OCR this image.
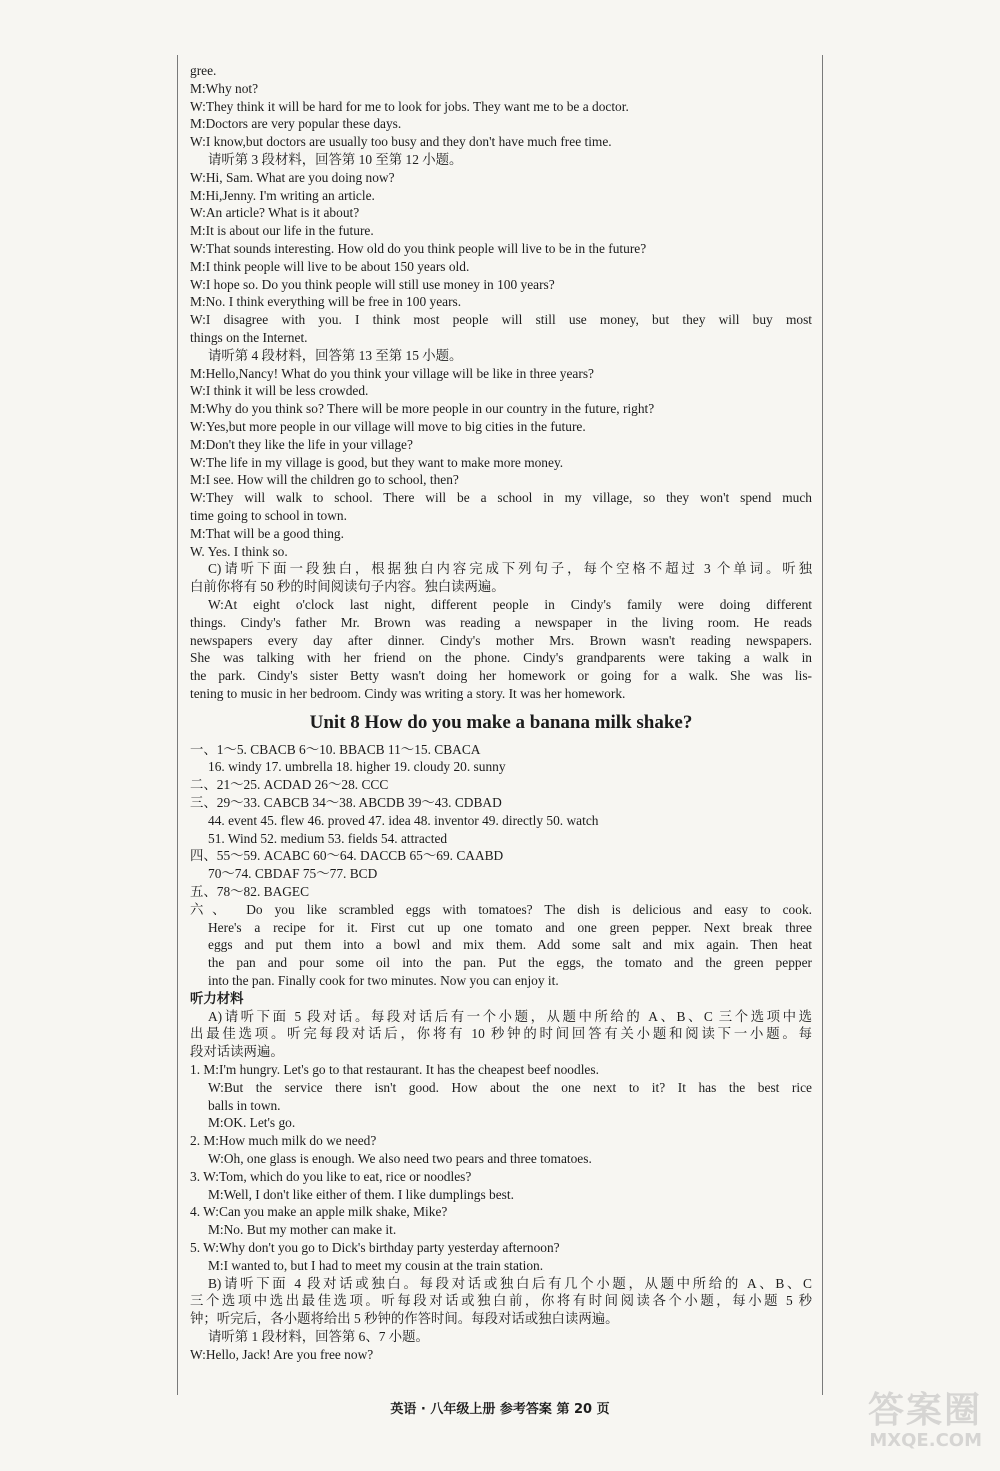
gree.
M:Why not?
W:They think it will be hard for me to look for jobs. They want me to be a doctor.
M:Doctors are very popular these days.
W:I know,but doctors are usually too busy and they don't have much free time.
请听第 3 段材料，回答第 10 至第 12 小题。
W:Hi, Sam. What are you doing now?
M:Hi,Jenny. I'm writing an article.
W:An article? What is it about?
M:It is about our life in the future.
W:That sounds interesting. How old do you think people will live to be in the future?
M:I think people will live to be about 150 years old.
W:I hope so. Do you think people will still use money in 100 years?
M:No. I think everything will be free in 100 years.
W:I disagree with you. I think most people will still use money, but they will buy most
things on the Internet.
请听第 4 段材料，回答第 13 至第 15 小题。
M:Hello,Nancy! What do you think your village will be like in three years?
W:I think it will be less crowded.
M:Why do you think so? There will be more people in our country in the future, right?
W:Yes,but more people in our village will move to big cities in the future.
M:Don't they like the life in your village?
W:The life in my village is good, but they want to make more money.
M:I see. How will the children go to school, then?
W:They will walk to school. There will be a school in my village, so they won't spend much
time going to school in town.
M:That will be a good thing.
W. Yes. I think so.
C)请听下面一段独白，根据独白内容完成下列句子，每个空格不超过 3 个单词。听独
白前你将有 50 秒的时间阅读句子内容。独白读两遍。
W:At eight o'clock last night, different people in Cindy's family were doing different
things. Cindy's father Mr. Brown was reading a newspaper in the living room. He reads
newspapers every day after dinner. Cindy's mother Mrs. Brown wasn't reading newspapers.
She was talking with her friend on the phone. Cindy's grandparents were taking a walk in
the park. Cindy's sister Betty wasn't doing her homework or going for a walk. She was lis-
tening to music in her bedroom. Cindy was writing a story. It was her homework.
Unit 8 How do you make a banana milk shake?
一、1～5. CBACB 6～10. BBACB 11～15. CBACA
16. windy 17. umbrella 18. higher 19. cloudy 20. sunny
二、21～25. ACDAD 26～28. CCC
三、29～33. CABCB 34～38. ABCDB 39～43. CDBAD
44. event 45. flew 46. proved 47. idea 48. inventor 49. directly 50. watch
51. Wind 52. medium 53. fields 54. attracted
四、55～59. ACABC 60～64. DACCB 65～69. CAABD
70～74. CBDAF 75～77. BCD
五、78～82. BAGEC
六、 Do you like scrambled eggs with tomatoes? The dish is delicious and easy to cook.
Here's a recipe for it. First cut up one tomato and one green pepper. Next break three
eggs and put them into a bowl and mix them. Add some salt and mix again. Then heat
the pan and pour some oil into the pan. Put the eggs, the tomato and the green pepper
into the pan. Finally cook for two minutes. Now you can enjoy it.
听力材料
A)请听下面 5 段对话。每段对话后有一个小题，从题中所给的 A、B、C 三个选项中选
出最佳选项。听完每段对话后，你将有 10 秒钟的时间回答有关小题和阅读下一小题。每
段对话读两遍。
1. M:I'm hungry. Let's go to that restaurant. It has the cheapest beef noodles.
W:But the service there isn't good. How about the one next to it? It has the best rice
balls in town.
M:OK. Let's go.
2. M:How much milk do we need?
W:Oh, one glass is enough. We also need two pears and three tomatoes.
3. W:Tom, which do you like to eat, rice or noodles?
M:Well, I don't like either of them. I like dumplings best.
4. W:Can you make an apple milk shake, Mike?
M:No. But my mother can make it.
5. W:Why don't you go to Dick's birthday party yesterday afternoon?
M:I wanted to, but I had to meet my cousin at the train station.
B)请听下面 4 段对话或独白。每段对话或独白后有几个小题，从题中所给的 A、B、C
三个选项中选出最佳选项。听每段对话或独白前，你将有时间阅读各个小题，每小题 5 秒
钟；听完后，各小题将给出 5 秒钟的作答时间。每段对话或独白读两遍。
请听第 1 段材料，回答第 6、7 小题。
W:Hello, Jack! Are you free now?
英语 · 八年级上册 参考答案 第 20 页	答案圈
MXQE.COM
